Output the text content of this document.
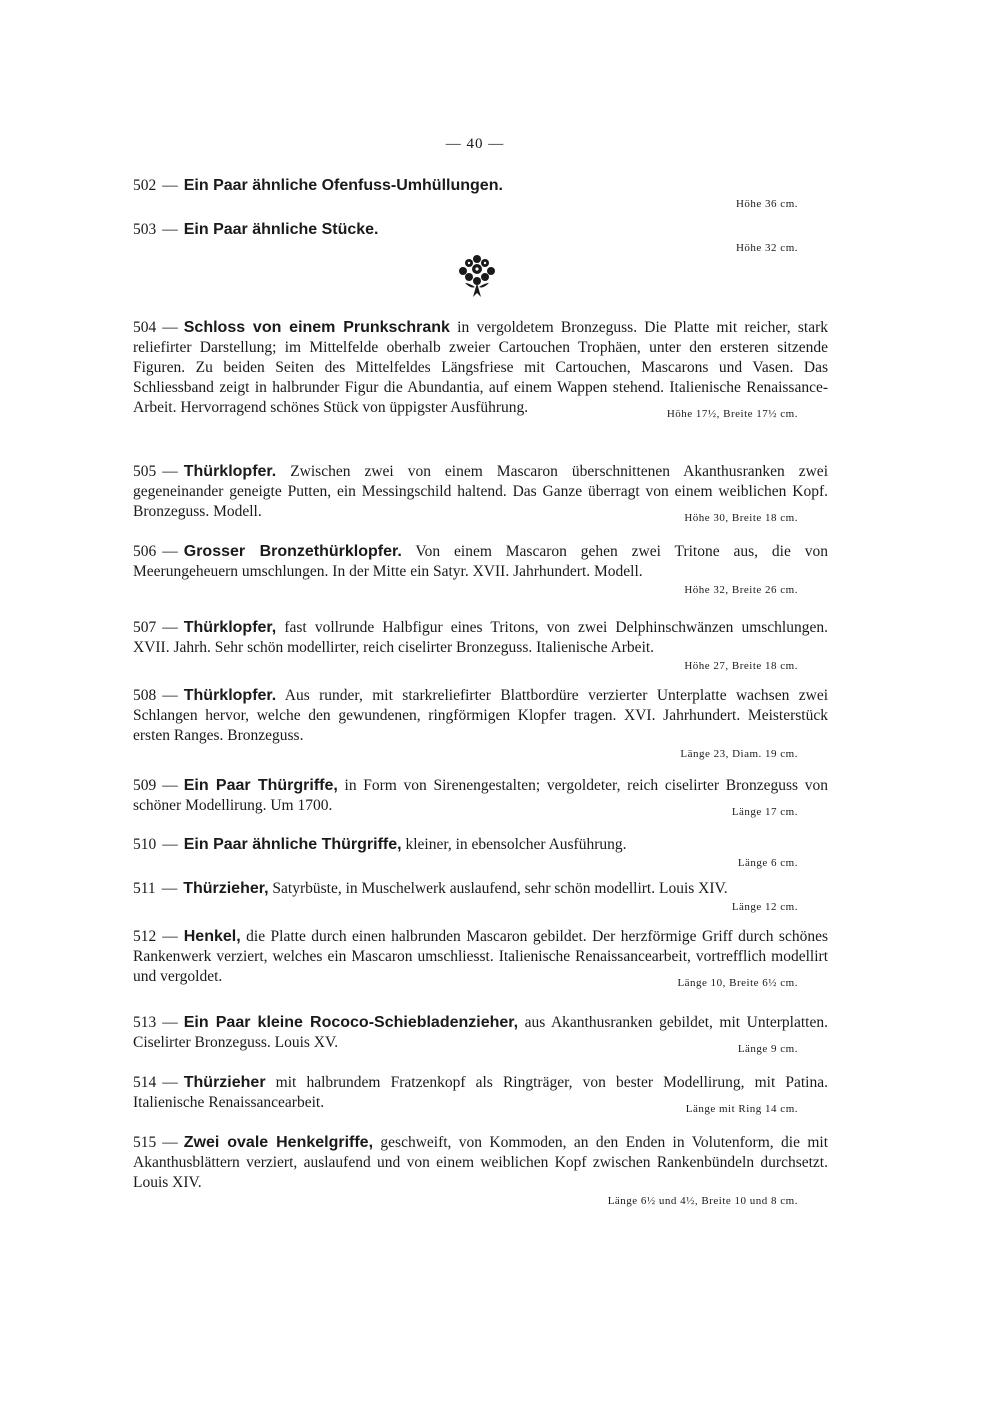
— 40 —
502 — Ein Paar ähnliche Ofenfuss-Umhüllungen.
Höhe 36 cm.
503 — Ein Paar ähnliche Stücke.
Höhe 32 cm.
504 — Schloss von einem Prunkschrank in vergoldetem Bronzeguss. Die Platte mit reicher, stark reliefirter Darstellung; im Mittelfelde oberhalb zweier Cartouchen Trophäen, unter den ersteren sitzende Figuren. Zu beiden Seiten des Mittelfeldes Längsfriese mit Cartouchen, Mascarons und Vasen. Das Schliessband zeigt in halbrunder Figur die Abundantia, auf einem Wappen stehend. Italienische Renaissance-Arbeit. Hervorragend schönes Stück von üppigster Ausführung.	Höhe 17½, Breite 17½ cm.
505 — Thürklopfer. Zwischen zwei von einem Mascaron überschnittenen Akanthusranken zwei gegeneinander geneigte Putten, ein Messingschild haltend. Das Ganze überragt von einem weiblichen Kopf. Bronzeguss. Modell.	Höhe 30, Breite 18 cm.
506 — Grosser Bronzethürklopfer. Von einem Mascaron gehen zwei Tritone aus, die von Meerungeheuern umschlungen. In der Mitte ein Satyr. XVII. Jahrhundert. Modell.
Höhe 32, Breite 26 cm.
507 — Thürklopfer, fast vollrunde Halbfigur eines Tritons, von zwei Delphinschwänzen umschlungen. XVII. Jahrh. Sehr schön modellirter, reich ciselirter Bronzeguss. Italienische Arbeit.
Höhe 27, Breite 18 cm.
508 — Thürklopfer. Aus runder, mit starkreliefirter Blattbordüre verzierter Unterplatte wachsen zwei Schlangen hervor, welche den gewundenen, ringförmigen Klopfer tragen. XVI. Jahrhundert. Meisterstück ersten Ranges. Bronzeguss.
Länge 23, Diam. 19 cm.
509 — Ein Paar Thürgriffe, in Form von Sirenengestalten; vergoldeter, reich ciselirter Bronzeguss von schöner Modellirung. Um 1700.	Länge 17 cm.
510 — Ein Paar ähnliche Thürgriffe, kleiner, in ebensolcher Ausführung.
Länge 6 cm.
511 — Thürzieher, Satyrbüste, in Muschelwerk auslaufend, sehr schön modellirt. Louis XIV.
Länge 12 cm.
512 — Henkel, die Platte durch einen halbrunden Mascaron gebildet. Der herzförmige Griff durch schönes Rankenwerk verziert, welches ein Mascaron umschliesst. Italienische Renaissancearbeit, vortrefflich modellirt und vergoldet.	Länge 10, Breite 6½ cm.
513 — Ein Paar kleine Rococo-Schiebladenzieher, aus Akanthusranken gebildet, mit Unterplatten. Ciselirter Bronzeguss. Louis XV.	Länge 9 cm.
514 — Thürzieher mit halbrundem Fratzenkopf als Ringträger, von bester Modellirung, mit Patina. Italienische Renaissancearbeit.	Länge mit Ring 14 cm.
515 — Zwei ovale Henkelgriffe, geschweift, von Kommoden, an den Enden in Volutenform, die mit Akanthusblättern verziert, auslaufend und von einem weiblichen Kopf zwischen Rankenbündeln durchsetzt. Louis XIV.
Länge 6½ und 4½, Breite 10 und 8 cm.
